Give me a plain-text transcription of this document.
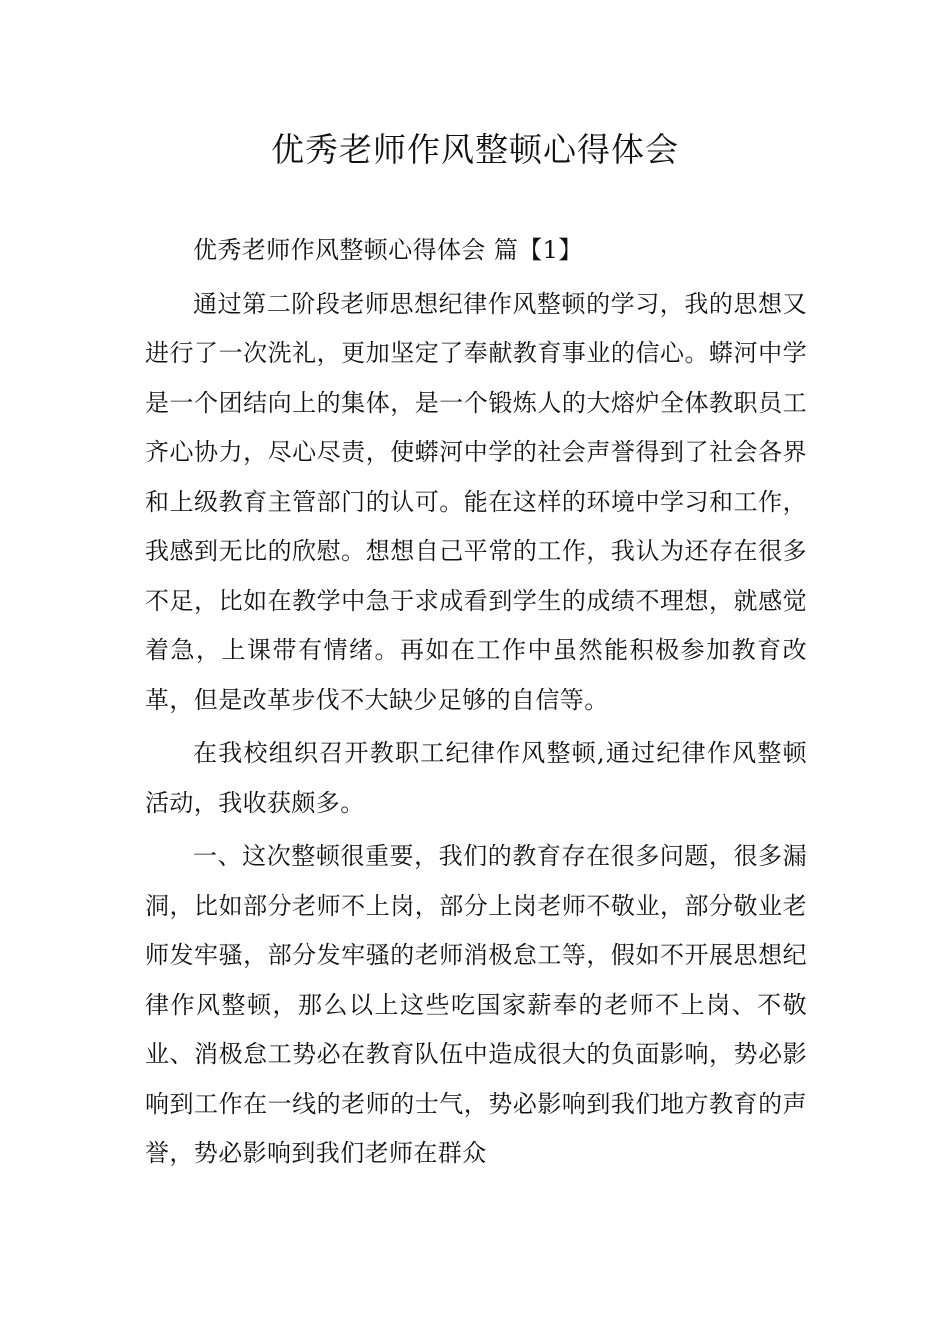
优秀老师作风整顿心得体会

优秀老师作风整顿心得体会 篇【1】

通过第二阶段老师思想纪律作风整顿的学习，我的思想又进行了一次洗礼，更加坚定了奉献教育事业的信心。蟒河中学是一个团结向上的集体，是一个锻炼人的大熔炉全体教职员工齐心协力，尽心尽责，使蟒河中学的社会声誉得到了社会各界和上级教育主管部门的认可。能在这样的环境中学习和工作，我感到无比的欣慰。想想自己平常的工作，我认为还存在很多不足，比如在教学中急于求成看到学生的成绩不理想，就感觉着急，上课带有情绪。再如在工作中虽然能积极参加教育改革，但是改革步伐不大缺少足够的自信等。

在我校组织召开教职工纪律作风整顿,通过纪律作风整顿活动，我收获颇多。

一、这次整顿很重要，我们的教育存在很多问题，很多漏洞，比如部分老师不上岗，部分上岗老师不敬业，部分敬业老师发牢骚，部分发牢骚的老师消极怠工等，假如不开展思想纪律作风整顿，那么以上这些吃国家薪奉的老师不上岗、不敬业、消极怠工势必在教育队伍中造成很大的负面影响，势必影响到工作在一线的老师的士气，势必影响到我们地方教育的声誉，势必影响到我们老师在群众
